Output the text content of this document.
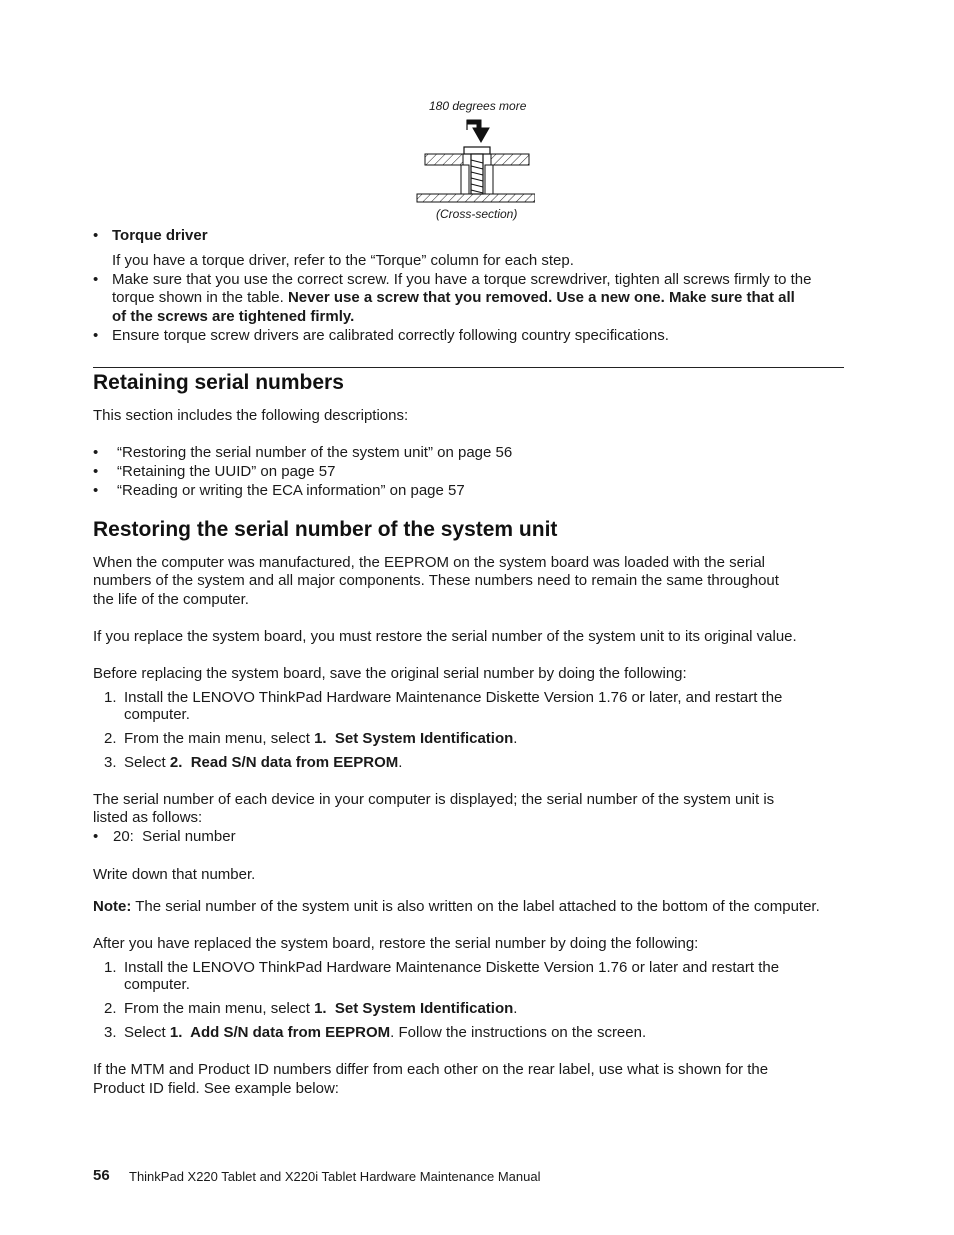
180 degrees more
(Cross-section)
• Torque driver
If you have a torque driver, refer to the “Torque” column for each step.
• Make sure that you use the correct screw. If you have a torque screwdriver, tighten all screws firmly to the
torque shown in the table. Never use a screw that you removed. Use a new one. Make sure that all
of the screws are tightened firmly.
• Ensure torque screw drivers are calibrated correctly following country specifications.
Retaining serial numbers
This section includes the following descriptions:
• “Restoring the serial number of the system unit” on page 56
• “Retaining the UUID” on page 57
• “Reading or writing the ECA information” on page 57
Restoring the serial number of the system unit
When the computer was manufactured, the EEPROM on the system board was loaded with the serial
numbers of the system and all major components. These numbers need to remain the same throughout
the life of the computer.
If you replace the system board, you must restore the serial number of the system unit to its original value.
Before replacing the system board, save the original serial number by doing the following:
1. Install the LENOVO ThinkPad Hardware Maintenance Diskette Version 1.76 or later, and restart the
computer.
2. From the main menu, select 1.  Set System Identification.
3. Select 2.  Read S/N data from EEPROM.
The serial number of each device in your computer is displayed; the serial number of the system unit is
listed as follows:
• 20:  Serial number
Write down that number.
Note: The serial number of the system unit is also written on the label attached to the bottom of the computer.
After you have replaced the system board, restore the serial number by doing the following:
1. Install the LENOVO ThinkPad Hardware Maintenance Diskette Version 1.76 or later and restart the
computer.
2. From the main menu, select 1.  Set System Identification.
3. Select 1.  Add S/N data from EEPROM. Follow the instructions on the screen.
If the MTM and Product ID numbers differ from each other on the rear label, use what is shown for the
Product ID field. See example below:
56 ThinkPad X220 Tablet and X220i Tablet Hardware Maintenance Manual
